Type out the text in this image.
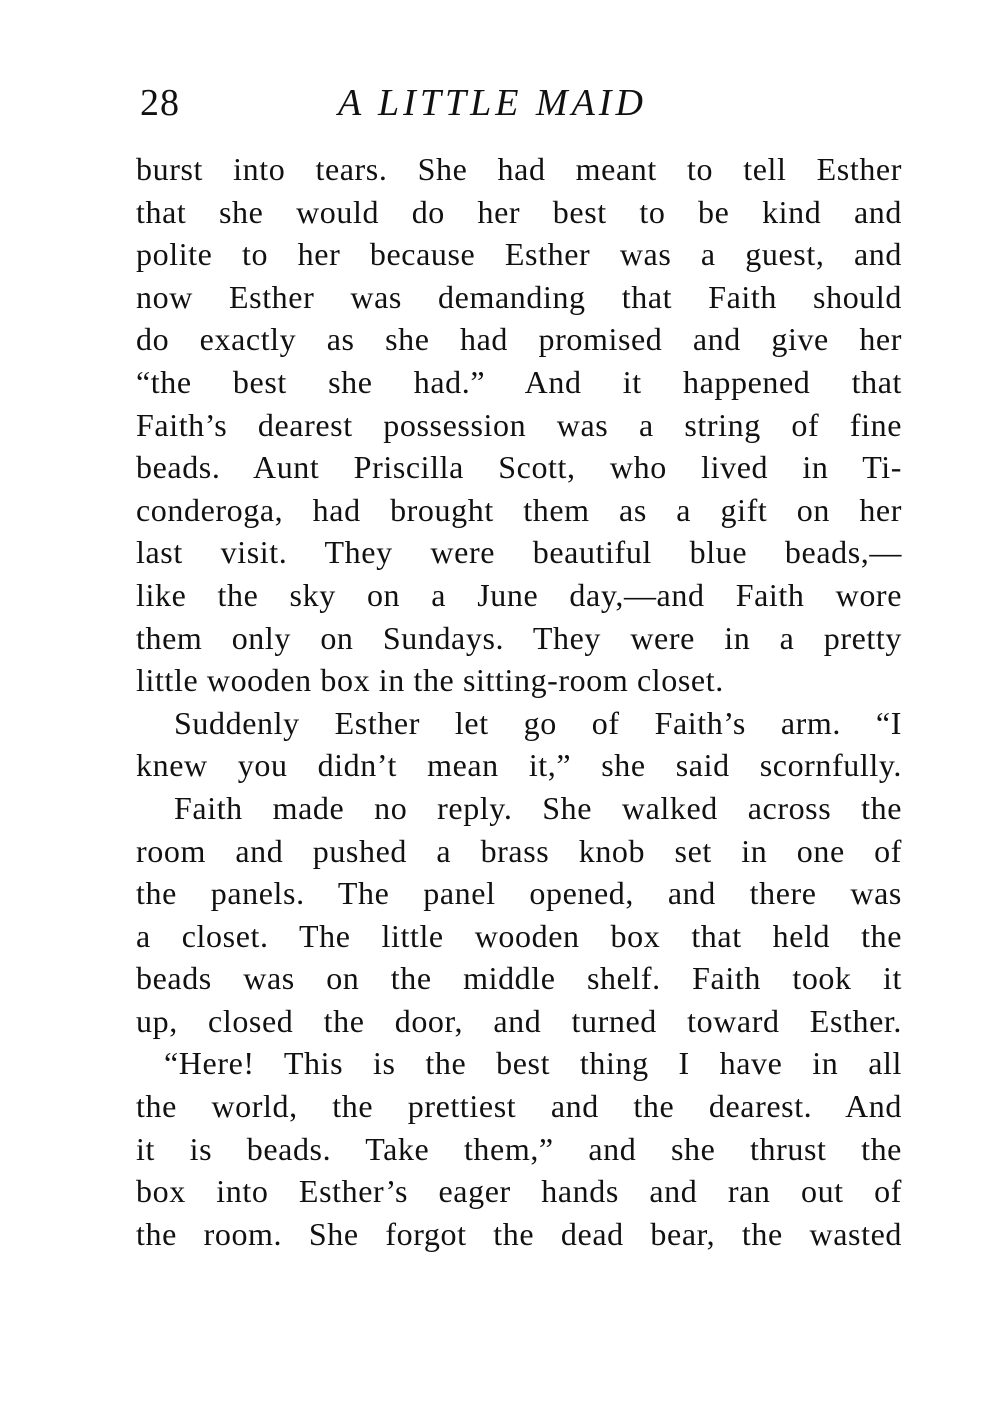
28	A LITTLE MAID
burst into tears. She had meant to tell Esther
that she would do her best to be kind and
polite to her because Esther was a guest, and
now Esther was demanding that Faith should
do exactly as she had promised and give her
“the best she had.” And it happened that
Faith’s dearest possession was a string of fine
beads. Aunt Priscilla Scott, who lived in Ti-
conderoga, had brought them as a gift on her
last visit. They were beautiful blue beads,—
like the sky on a June day,—and Faith wore
them only on Sundays. They were in a pretty
little wooden box in the sitting-room closet.
Suddenly Esther let go of Faith’s arm. “I
knew you didn’t mean it,” she said scornfully.
Faith made no reply. She walked across the
room and pushed a brass knob set in one of
the panels. The panel opened, and there was
a closet. The little wooden box that held the
beads was on the middle shelf. Faith took it
up, closed the door, and turned toward Esther.
“Here! This is the best thing I have in all
the world, the prettiest and the dearest. And
it is beads. Take them,” and she thrust the
box into Esther’s eager hands and ran out of
the room. She forgot the dead bear, the wasted
